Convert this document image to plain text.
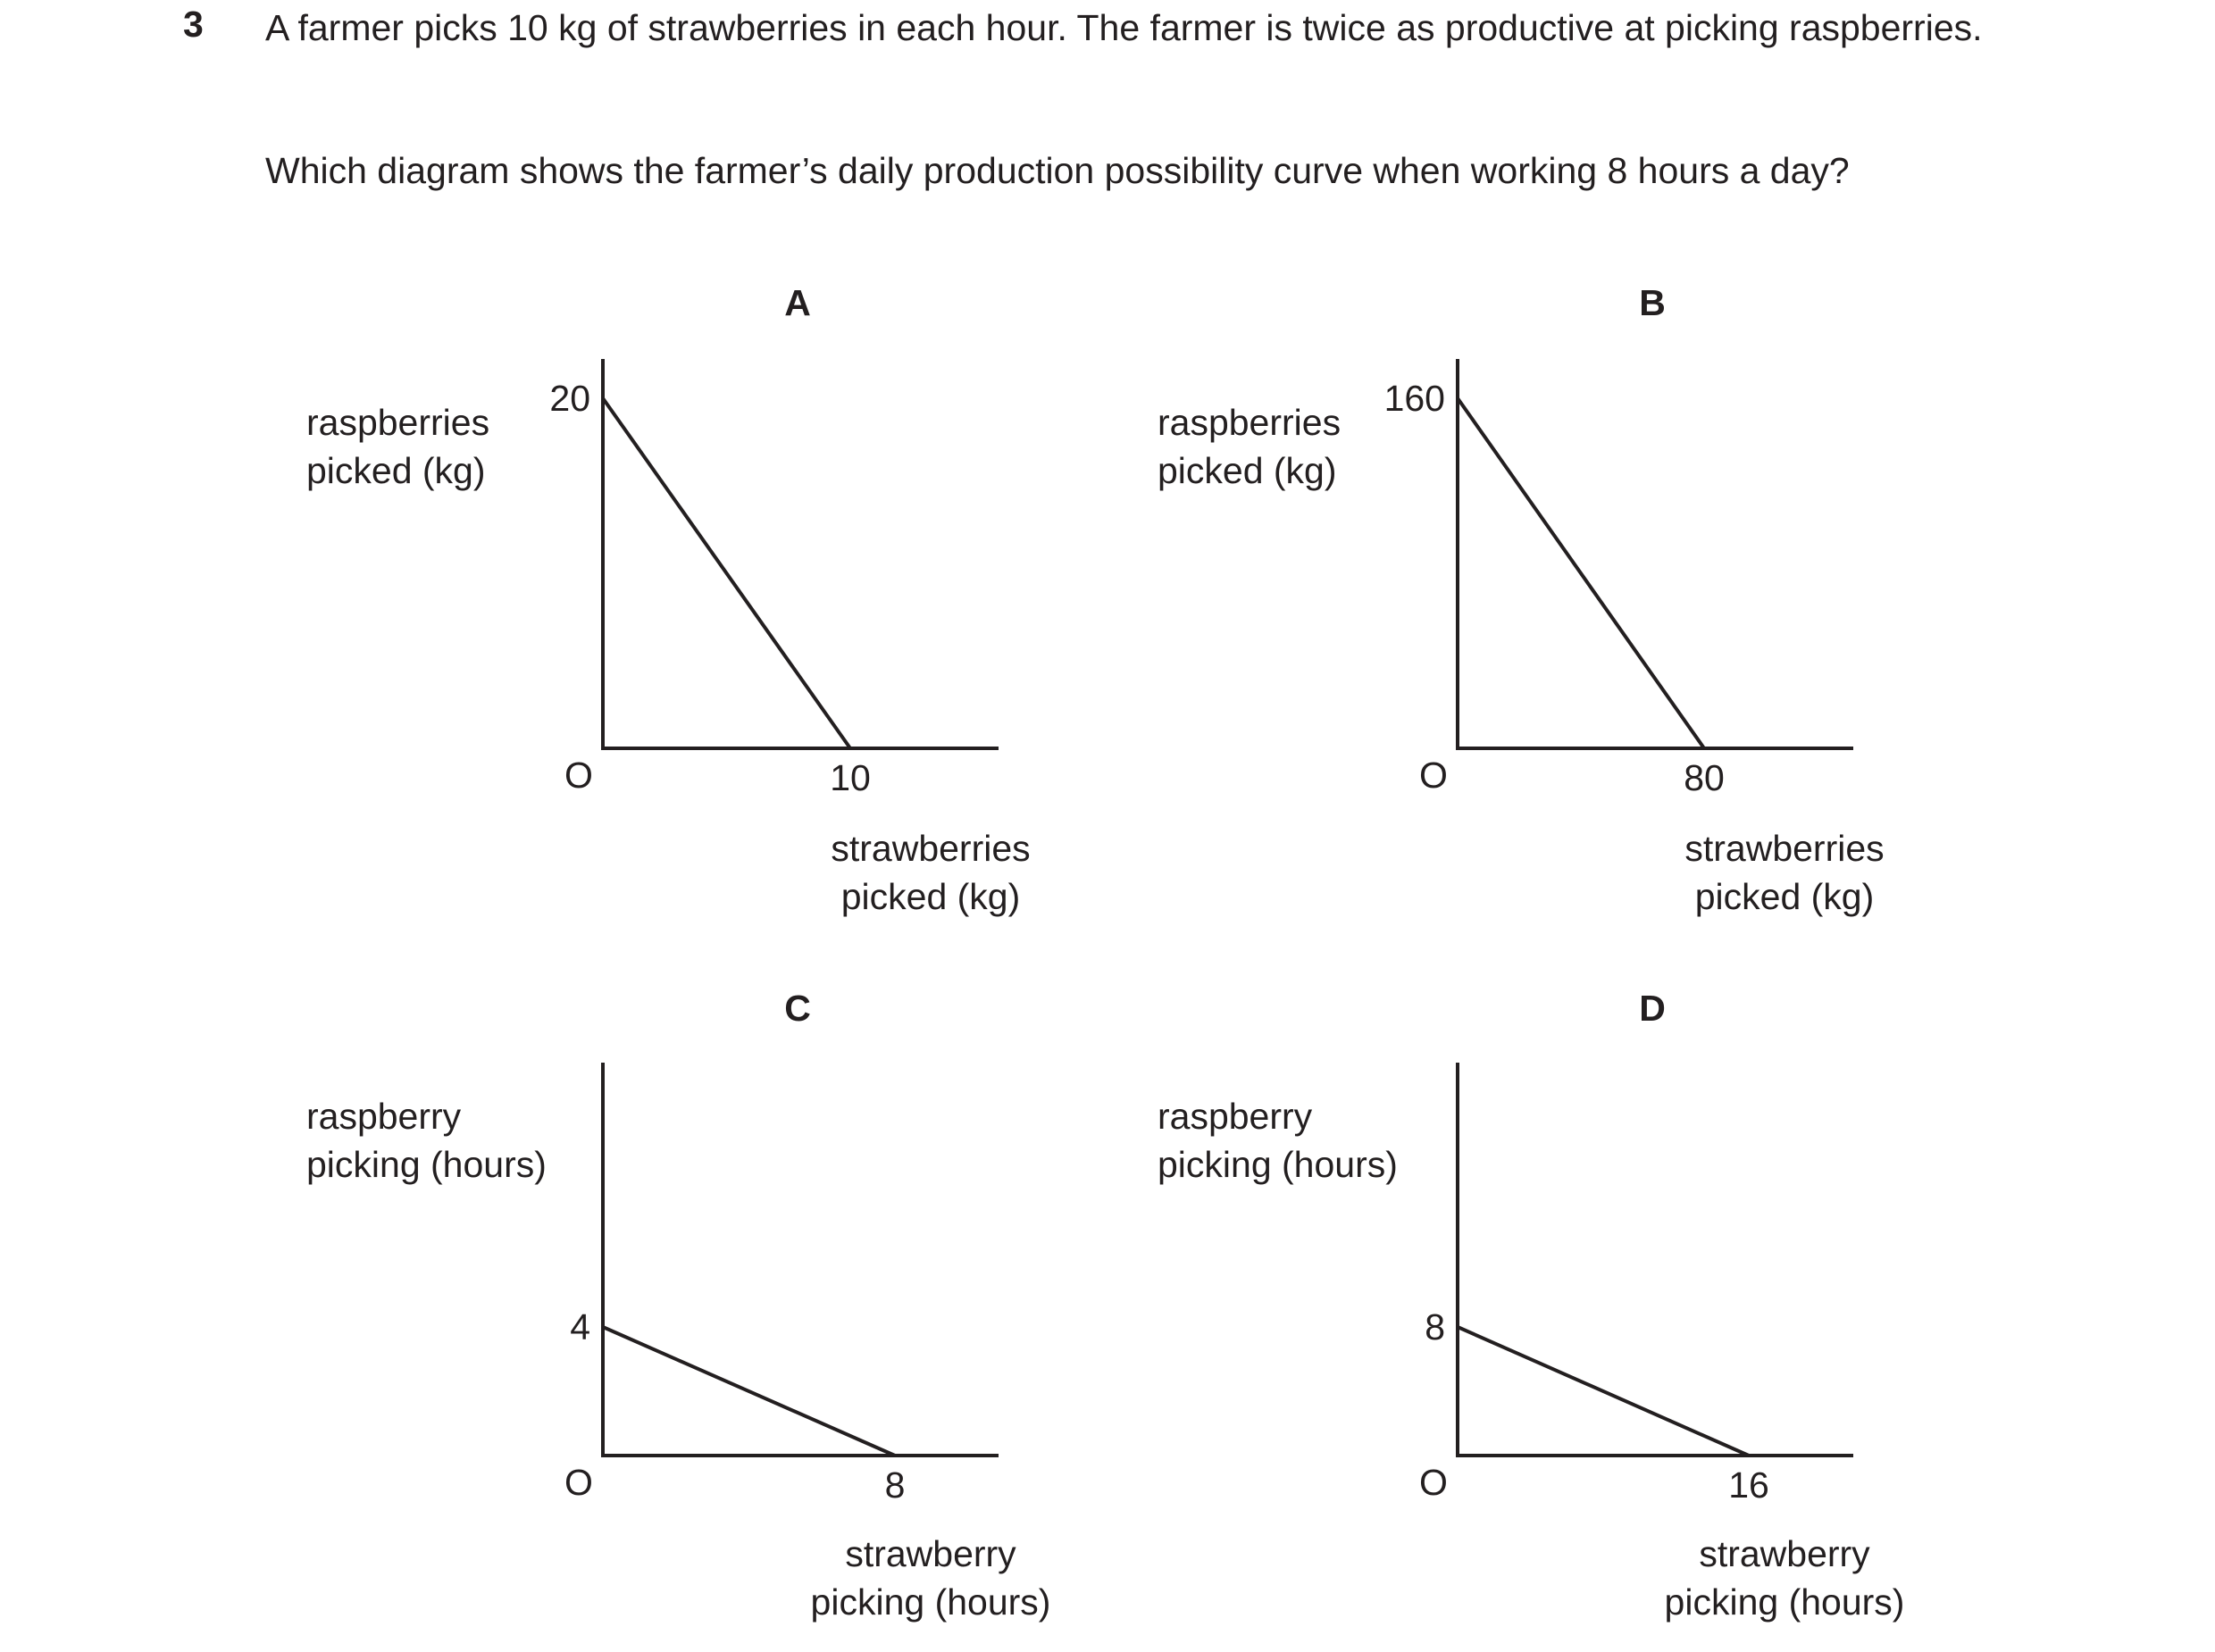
3 A farmer picks 10 kg of strawberries in each hour. The farmer is twice as productive at picking raspberries.

Which diagram shows the farmer’s daily production possibility curve when working 8 hours a day?

A
raspberries picked (kg)
20
O	10
strawberries picked (kg)
B
raspberries picked (kg)
160
O	80
strawberries picked (kg)
C
raspberry picking (hours)
4
O	8
strawberry picking (hours)
D
raspberry picking (hours)
8
O	16
strawberry picking (hours)
